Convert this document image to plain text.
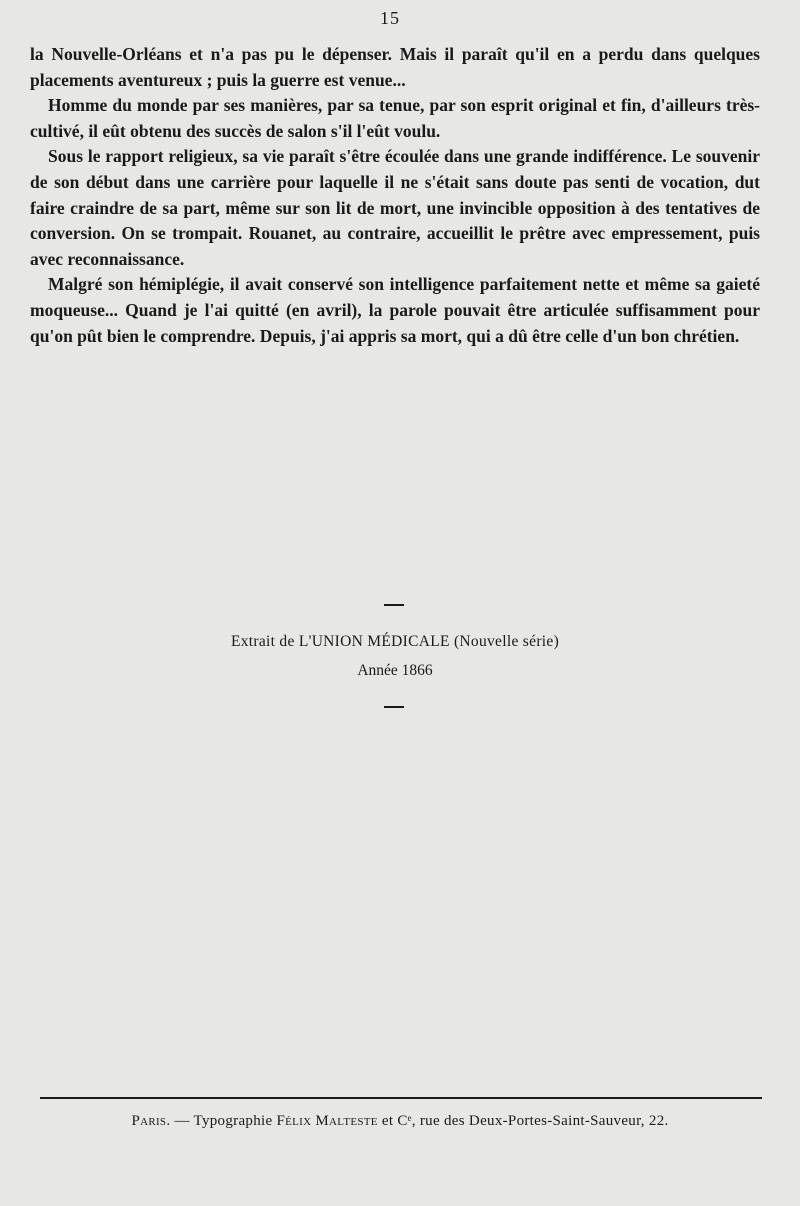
15

la Nouvelle-Orléans et n'a pas pu le dépenser. Mais il paraît qu'il en a perdu dans quelques placements aventureux ; puis la guerre est venue...

Homme du monde par ses manières, par sa tenue, par son esprit original et fin, d'ailleurs très-cultivé, il eût obtenu des succès de salon s'il l'eût voulu.

Sous le rapport religieux, sa vie paraît s'être écoulée dans une grande indifférence. Le souvenir de son début dans une carrière pour laquelle il ne s'était sans doute pas senti de vocation, dut faire craindre de sa part, même sur son lit de mort, une invincible opposition à des tentatives de conversion. On se trompait. Rouanet, au contraire, accueillit le prêtre avec empressement, puis avec reconnaissance.

Malgré son hémiplégie, il avait conservé son intelligence parfaitement nette et même sa gaieté moqueuse... Quand je l'ai quitté (en avril), la parole pouvait être articulée suffisamment pour qu'on pût bien le comprendre. Depuis, j'ai appris sa mort, qui a dû être celle d'un bon chrétien.

Extrait de L'UNION MÉDICALE (Nouvelle série)
Année 1866
Paris. — Typographie Félix Malteste et Cᵉ, rue des Deux-Portes-Saint-Sauveur, 22.
